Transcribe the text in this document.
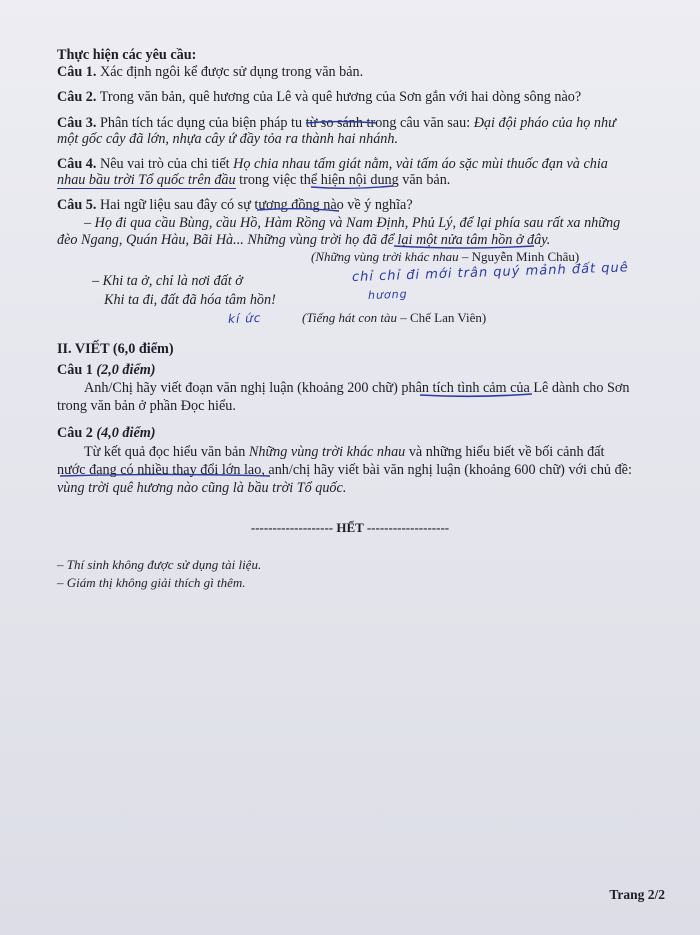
Thực hiện các yêu cầu:
Câu 1. Xác định ngôi kể được sử dụng trong văn bản.
Câu 2. Trong văn bản, quê hương của Lê và quê hương của Sơn gắn với hai dòng sông nào?
Câu 3. Phân tích tác dụng của biện pháp tu từ so sánh trong câu văn sau: Đại đội pháo của họ như
một gốc cây đã lớn, nhựa cây ứ đầy tỏa ra thành hai nhánh.
Câu 4. Nêu vai trò của chi tiết Họ chia nhau tấm giát nằm, vài tấm áo sặc mùi thuốc đạn và chia
nhau bầu trời Tổ quốc trên đầu trong việc thể hiện nội dung văn bản.
Câu 5. Hai ngữ liệu sau đây có sự tương đồng nào về ý nghĩa?
– Họ đi qua cầu Bùng, cầu Hồ, Hàm Rồng và Nam Định, Phủ Lý, để lại phía sau rất xa những
đèo Ngang, Quán Hàu, Bãi Hà... Những vùng trời họ đã để lại một nửa tâm hồn ở đây.
(Những vùng trời khác nhau – Nguyễn Minh Châu)
– Khi ta ở, chỉ là nơi đất ở
Khi ta đi, đất đã hóa tâm hồn!
(Tiếng hát con tàu – Chế Lan Viên)
chỉ chỉ đi mới trân quý mảnh đất quê
hương
kí ức
II. VIẾT (6,0 điểm)
Câu 1 (2,0 điểm)
Anh/Chị hãy viết đoạn văn nghị luận (khoảng 200 chữ) phân tích tình cảm của Lê dành cho Sơn
trong văn bản ở phần Đọc hiểu.
Câu 2 (4,0 điểm)
Từ kết quả đọc hiểu văn bản Những vùng trời khác nhau và những hiểu biết về bối cảnh đất
nước đang có nhiều thay đổi lớn lao, anh/chị hãy viết bài văn nghị luận (khoảng 600 chữ) với chủ đề:
vùng trời quê hương nào cũng là bầu trời Tổ quốc.
------------------- HẾT -------------------
– Thí sinh không được sử dụng tài liệu.
– Giám thị không giải thích gì thêm.
Trang 2/2
